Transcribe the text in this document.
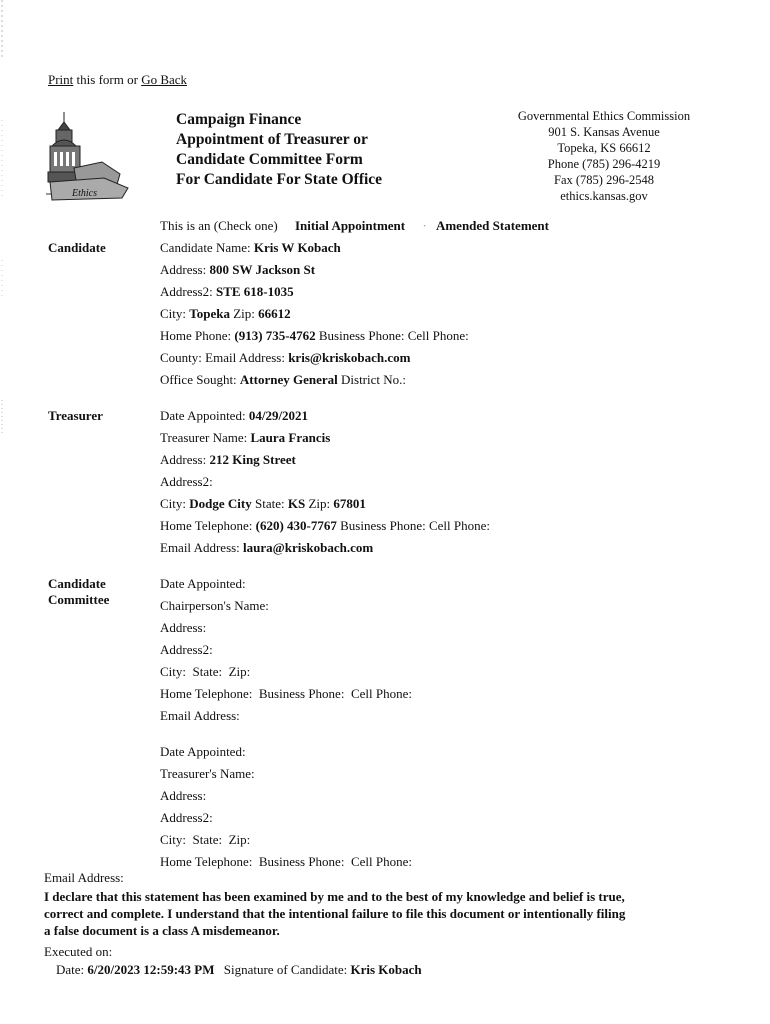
Print this form or Go Back
Ethics
Campaign Finance
Appointment of Treasurer or
Candidate Committee Form
For Candidate For State Office
Governmental Ethics Commission
901 S. Kansas Avenue
Topeka, KS 66612
Phone (785) 296-4219
Fax (785) 296-2548
ethics.kansas.gov
This is an (Check one) Initial Appointment · Amended Statement
Candidate	Candidate Name: Kris W Kobach
Address: 800 SW Jackson St
Address2: STE 618-1035
City: Topeka Zip: 66612
Home Phone: (913) 735-4762 Business Phone: Cell Phone:
County: Email Address: kris@kriskobach.com
Office Sought: Attorney General District No.:
Treasurer	Date Appointed: 04/29/2021
Treasurer Name: Laura Francis
Address: 212 King Street
Address2:
City: Dodge City State: KS Zip: 67801
Home Telephone: (620) 430-7767 Business Phone: Cell Phone:
Email Address: laura@kriskobach.com
Candidate
Committee
Date Appointed:
Chairperson's Name:
Address:
Address2:
City:  State:  Zip:
Home Telephone:  Business Phone:  Cell Phone:
Email Address:
Date Appointed:
Treasurer's Name:
Address:
Address2:
City:  State:  Zip:
Home Telephone:  Business Phone:  Cell Phone:
Email Address:
I declare that this statement has been examined by me and to the best of my knowledge and belief is true,
correct and complete. I understand that the intentional failure to file this document or intentionally filing
a false document is a class A misdemeanor.
Executed on:
Date: 6/20/2023 12:59:43 PM Signature of Candidate: Kris Kobach
